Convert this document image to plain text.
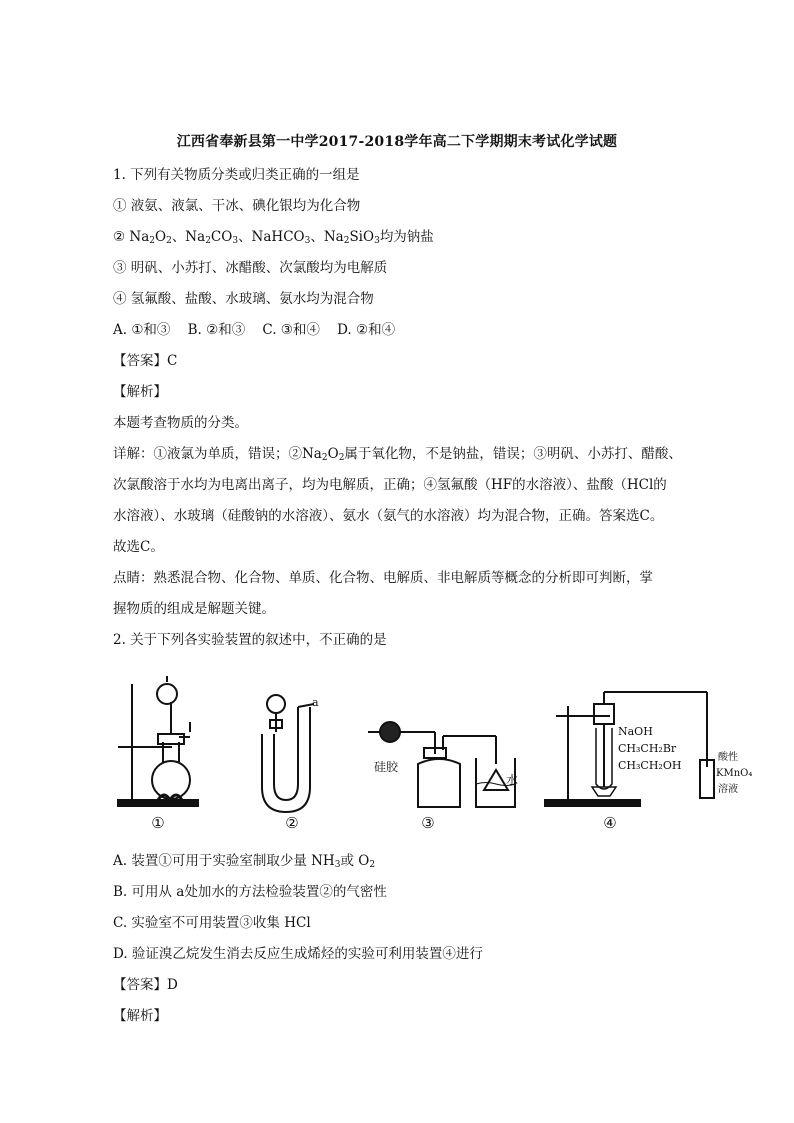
江西省奉新县第一中学2017-2018学年高二下学期期末考试化学试题
1. 下列有关物质分类或归类正确的一组是
① 液氨、液氯、干冰、碘化银均为化合物
② $Na_2O_2$、$Na_2CO_3$、NaHCO$_3$、$Na_2SiO_3$均为钠盐
③ 明矾、小苏打、冰醋酸、次氯酸均为电解质
④ 氢氟酸、盐酸、水玻璃、氨水均为混合物
A. ①和③    B. ②和③    C. ③和④    D. ②和④
【答案】C
【解析】
本题考查物质的分类。
详解：①液氯为单质，错误；$②Na_2O_2$属于氧化物，不是钠盐，错误；③明矾、小苏打、醋酸、
次氯酸溶于水均为电离出离子，均为电解质，正确；④氢氟酸（HF的水溶液）、盐酸（HCl的
水溶液）、水玻璃（硅酸钠的水溶液）、氨水（氨气的水溶液）均为混合物，正确。答案选C。
故选C。
点睛：熟悉混合物、化合物、单质、化合物、电解质、非电解质等概念的分析即可判断，掌
握物质的组成是解题关键。
2. 关于下列各实验装置的叙述中，不正确的是
①	②	③	④
a
硅胶
水
NaOH
CH₃CH₂Br
CH₃CH₂OH
酸性
KMnO₄
溶液
A. 装置①可用于实验室制取少量 $NH_3$或 $O_2$
B. 可用从 a处加水的方法检验装置②的气密性
C. 实验室不可用装置③收集 HCl
D. 验证溴乙烷发生消去反应生成烯烃的实验可利用装置④进行
【答案】D
【解析】
